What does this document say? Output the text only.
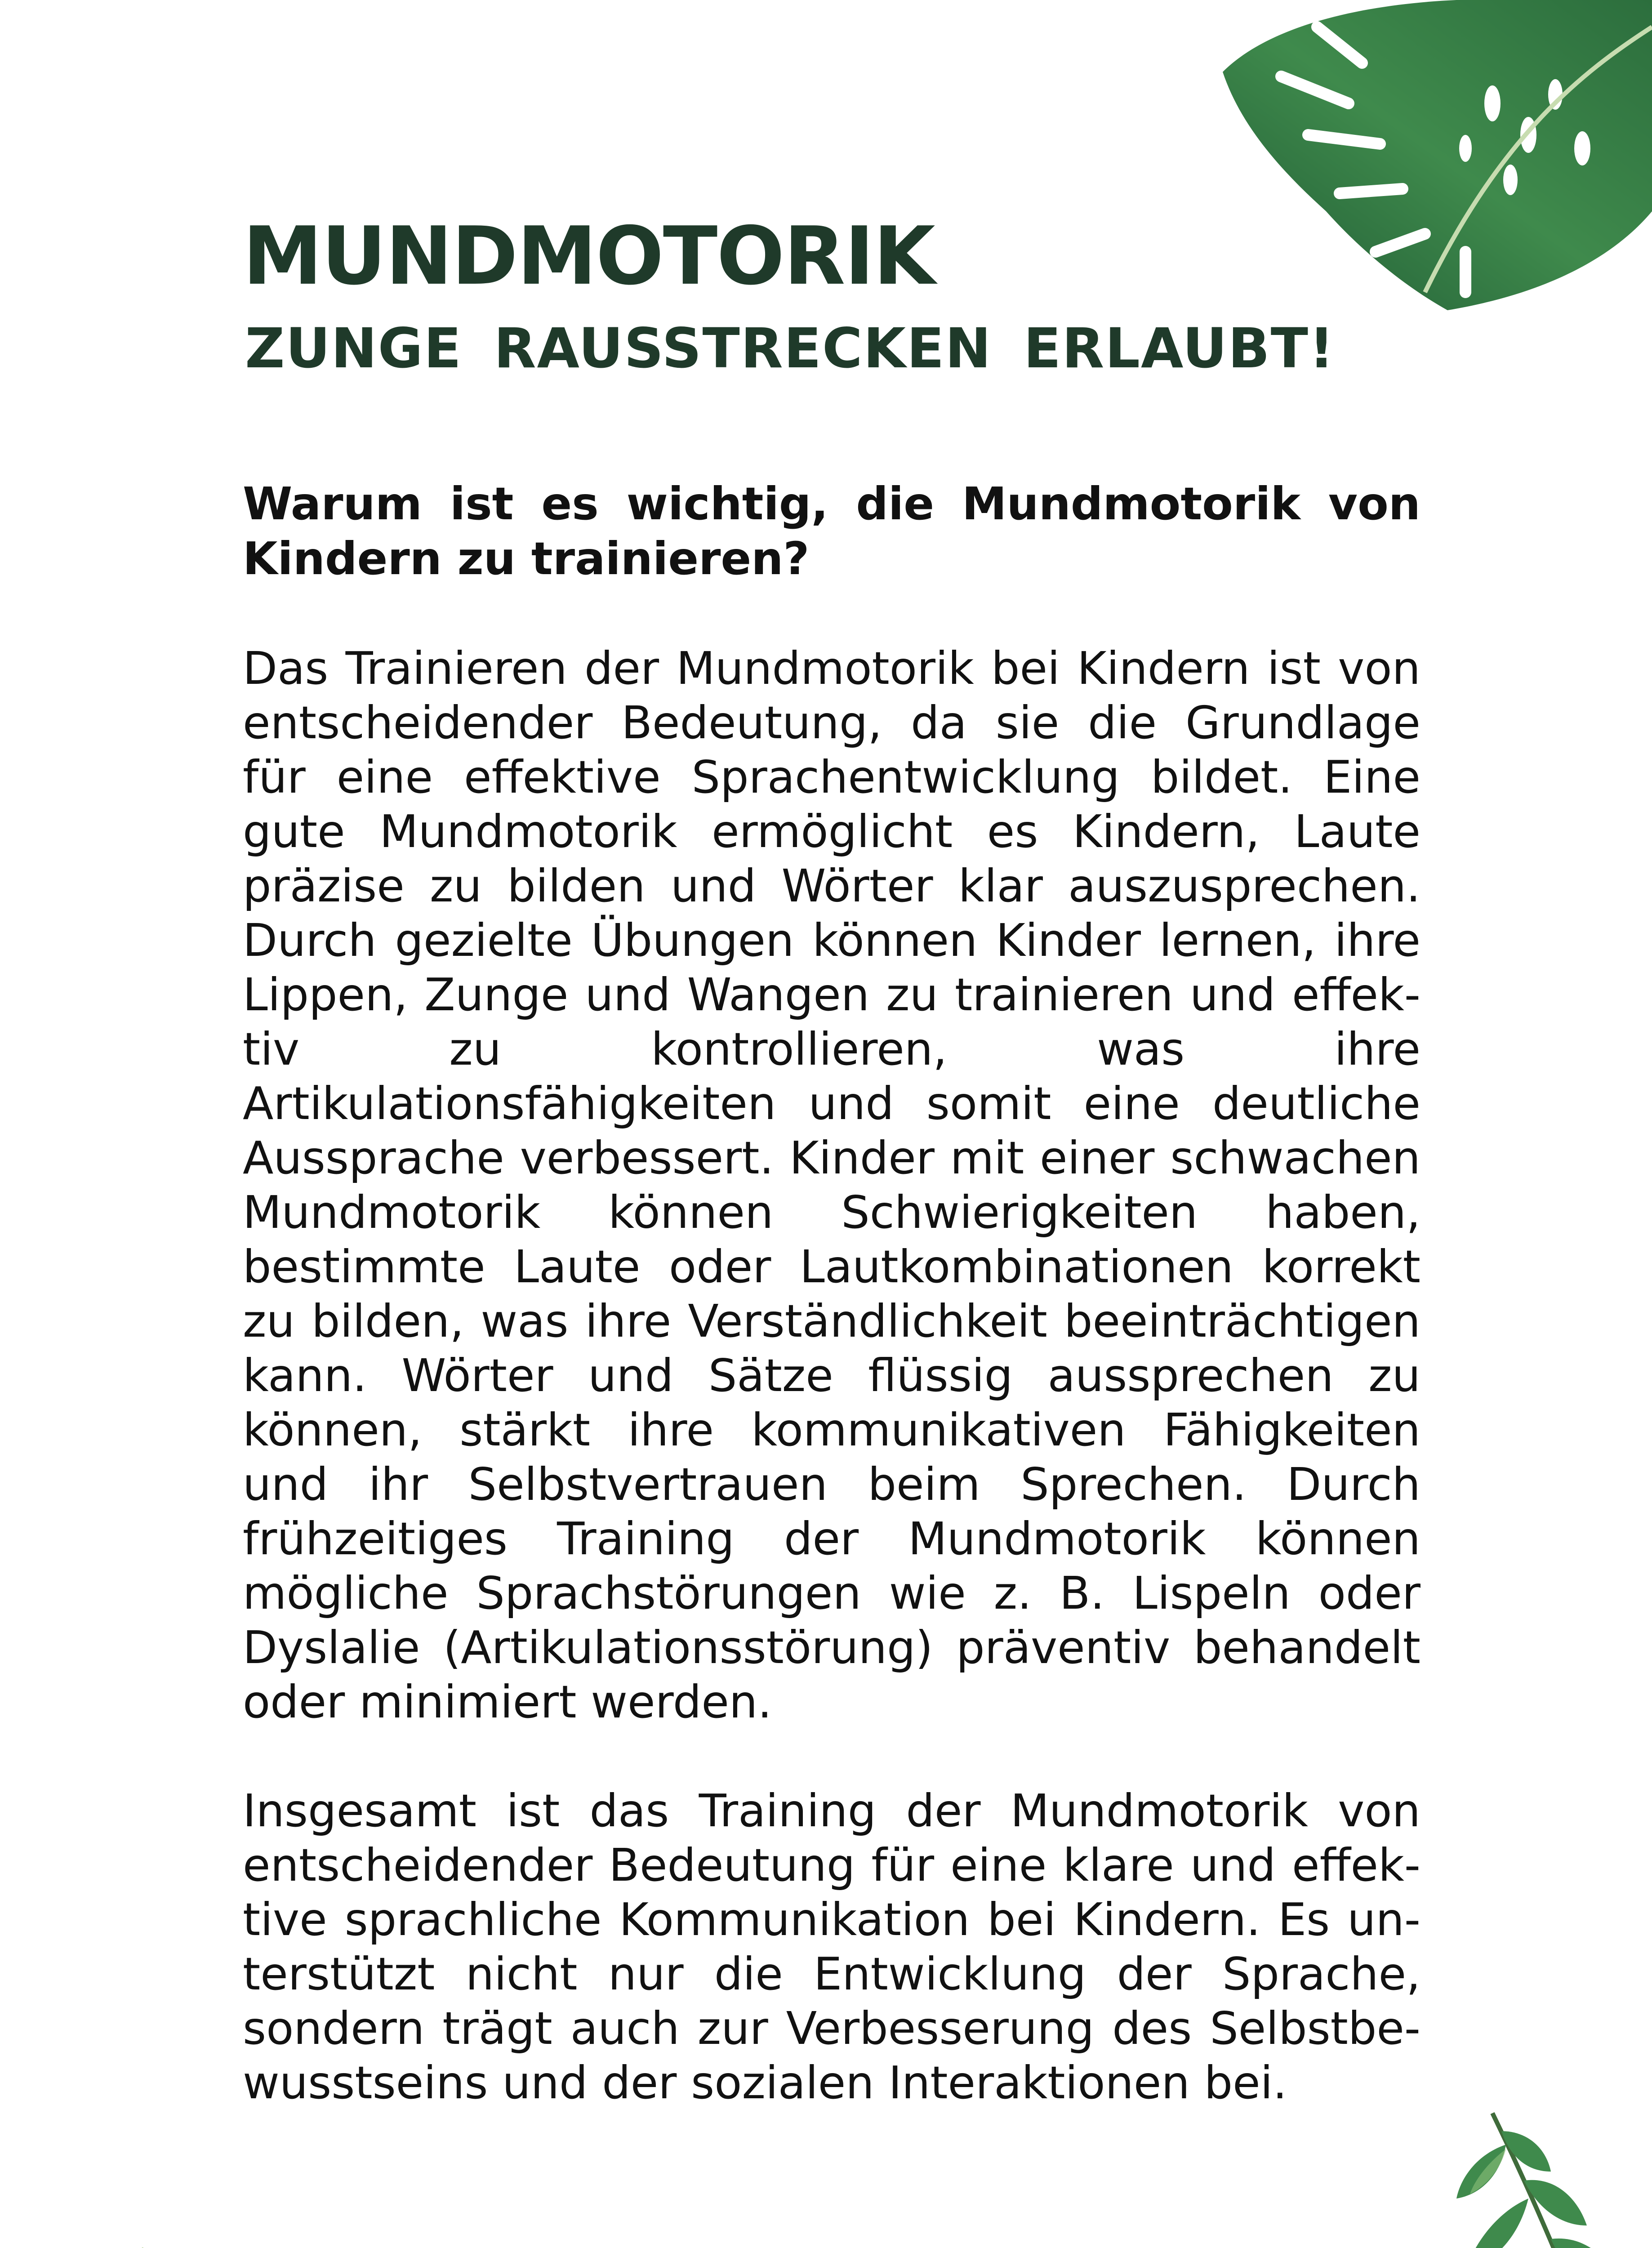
MUNDMOTORIK
ZUNGE RAUSSTRECKEN ERLAUBT!

Warum ist es wichtig, die Mundmotorik von Kindern zu trainieren?

Das Trainieren der Mundmotorik bei Kindern ist von entscheidender Bedeutung, da sie die Grundlage für eine effektive Sprachentwicklung bildet. Eine gute Mundmotorik ermöglicht es Kindern, Laute präzise zu bilden und Wörter klar auszusprechen. Durch gezielte Übungen können Kinder lernen, ihre Lippen, Zunge und Wangen zu trainieren und effektiv zu kontrollieren, was ihre Artikulationsfähigkeiten und somit eine deutliche Aussprache verbessert. Kinder mit einer schwachen Mundmotorik können Schwierigkeiten haben, bestimmte Laute oder Lautkombinationen korrekt zu bilden, was ihre Verständlichkeit beeinträchtigen kann. Wörter und Sätze flüssig aussprechen zu können, stärkt ihre kommunikativen Fähigkeiten und ihr Selbstvertrauen beim Sprechen. Durch frühzeitiges Training der Mundmotorik können mögliche Sprachstörungen wie z. B. Lispeln oder Dyslalie (Artikulationsstörung) präventiv behandelt oder minimiert werden.

Insgesamt ist das Training der Mundmotorik von entscheidender Bedeutung für eine klare und effektive sprachliche Kommunikation bei Kindern. Es unterstützt nicht nur die Entwicklung der Sprache, sondern trägt auch zur Verbesserung des Selbstbewusstseins und der sozialen Interaktionen bei.
